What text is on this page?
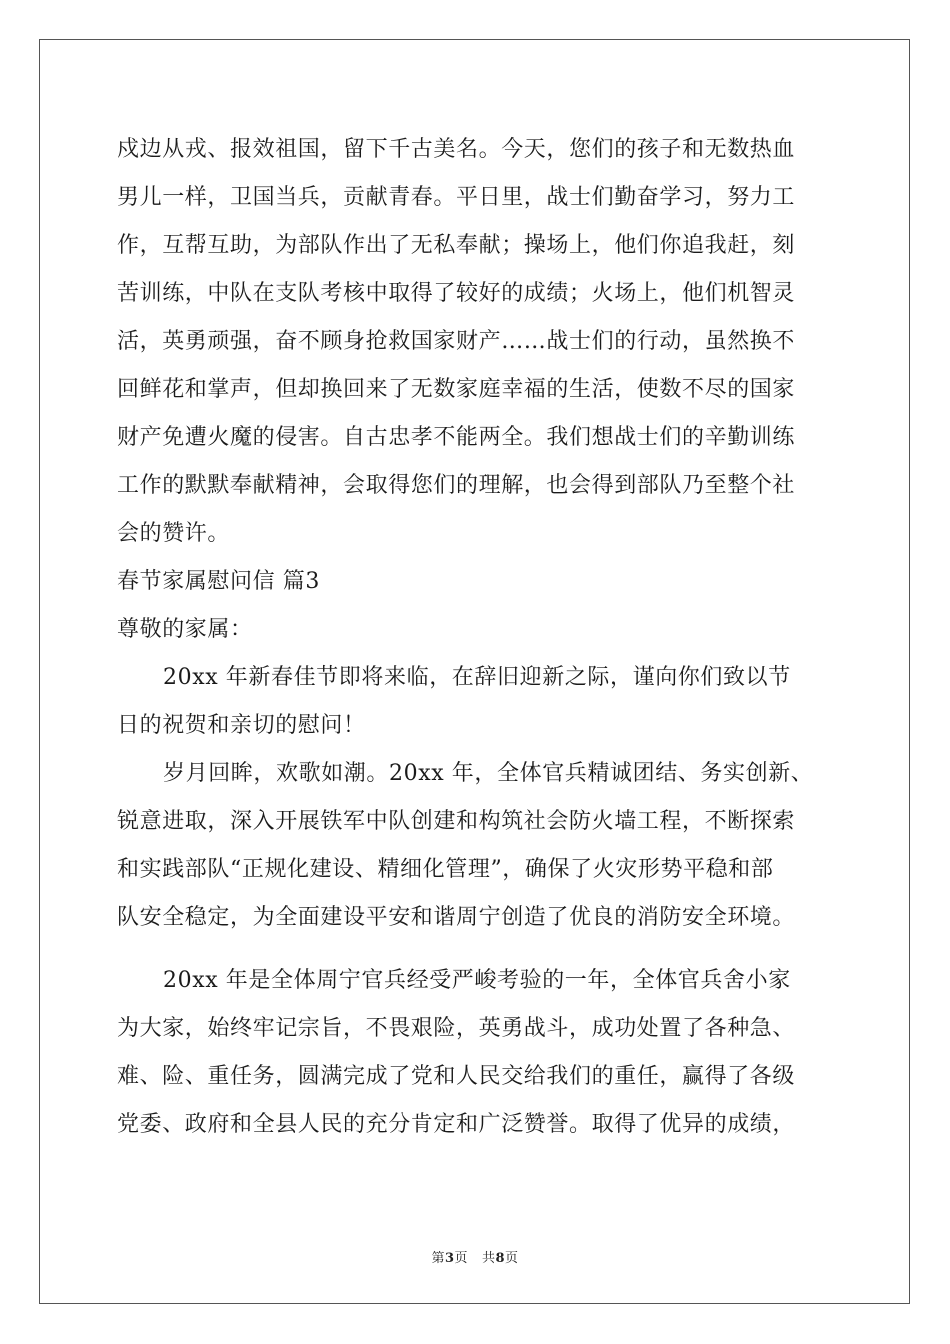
戍边从戎、报效祖国，留下千古美名。今天，您们的孩子和无数热血
男儿一样，卫国当兵，贡献青春。平日里，战士们勤奋学习，努力工
作，互帮互助，为部队作出了无私奉献；操场上，他们你追我赶，刻
苦训练，中队在支队考核中取得了较好的成绩；火场上，他们机智灵
活，英勇顽强，奋不顾身抢救国家财产……战士们的行动，虽然换不
回鲜花和掌声，但却换回来了无数家庭幸福的生活，使数不尽的国家
财产免遭火魔的侵害。自古忠孝不能两全。我们想战士们的辛勤训练
工作的默默奉献精神，会取得您们的理解，也会得到部队乃至整个社
会的赞许。
春节家属慰问信 篇3
尊敬的家属：
20xx 年新春佳节即将来临，在辞旧迎新之际，谨向你们致以节
日的祝贺和亲切的慰问！
岁月回眸，欢歌如潮。20xx 年，全体官兵精诚团结、务实创新、
锐意进取，深入开展铁军中队创建和构筑社会防火墙工程，不断探索
和实践部队“正规化建设、精细化管理”，确保了火灾形势平稳和部
队安全稳定，为全面建设平安和谐周宁创造了优良的消防安全环境。
20xx 年是全体周宁官兵经受严峻考验的一年，全体官兵舍小家
为大家，始终牢记宗旨，不畏艰险，英勇战斗，成功处置了各种急、
难、险、重任务，圆满完成了党和人民交给我们的重任，赢得了各级
党委、政府和全县人民的充分肯定和广泛赞誉。取得了优异的成绩，
第3页 共8页
